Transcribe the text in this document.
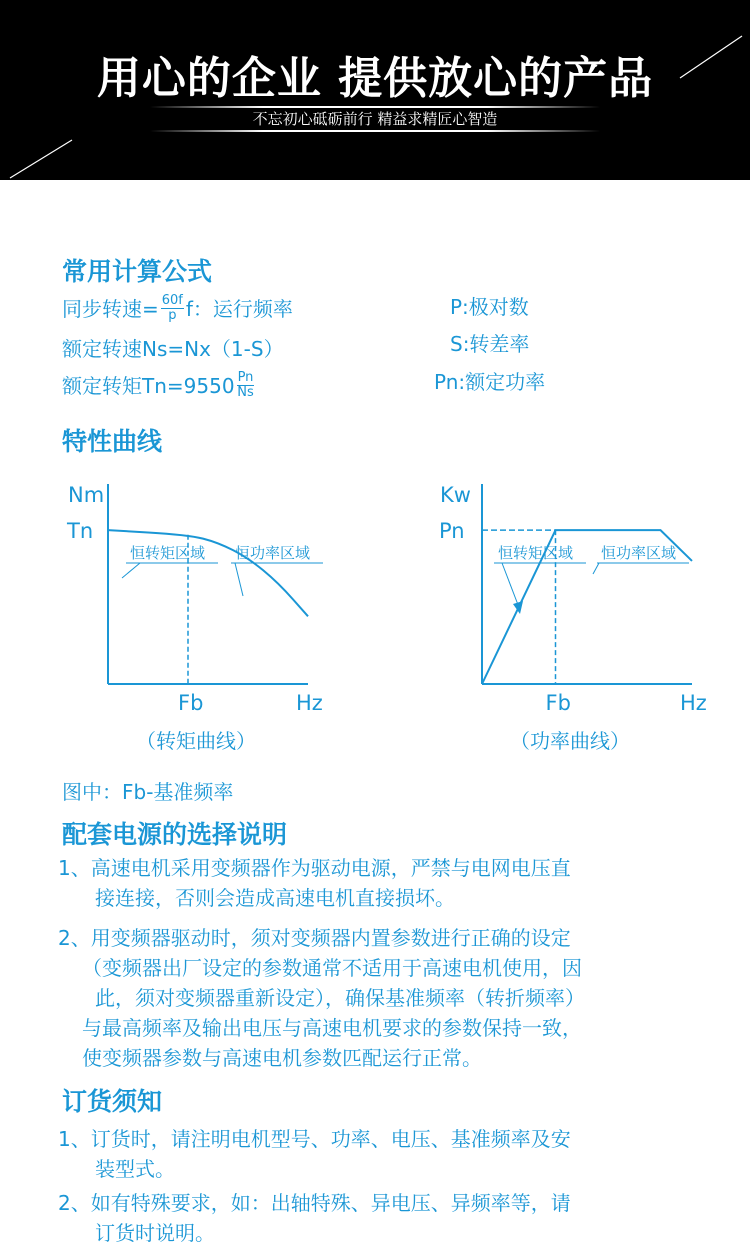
用心的企业 提供放心的产品
不忘初心砥砺前行 精益求精匠心智造
常用计算公式
同步转速= $\frac{60f}{p}$ f：运行频率
额定转速Ns=Nx（1-S）
额定转矩$Tn=9550 \frac{Pn}{Ns}$
P:极对数
S:转差率
Pn:额定功率
特性曲线
Nm
Hz
Tn
Fb
恒转矩区域 恒功率区域
（转矩曲线）
Kw
Hz
Pn
Fb
恒转矩区域 恒功率区域
（功率曲线）
图中：Fb-基准频率
配套电源的选择说明
1、高速电机采用变频器作为驱动电源，严禁与电网电压直
接连接，否则会造成高速电机直接损坏。
2、用变频器驱动时，须对变频器内置参数进行正确的设定
（变频器出厂设定的参数通常不适用于高速电机使用，因
此，须对变频器重新设定），确保基准频率（转折频率）
与最高频率及输出电压与高速电机要求的参数保持一致，
使变频器参数与高速电机参数匹配运行正常。
订货须知
1、订货时，请注明电机型号、功率、电压、基准频率及安
装型式。
2、如有特殊要求，如：出轴特殊、异电压、异频率等，请
订货时说明。
